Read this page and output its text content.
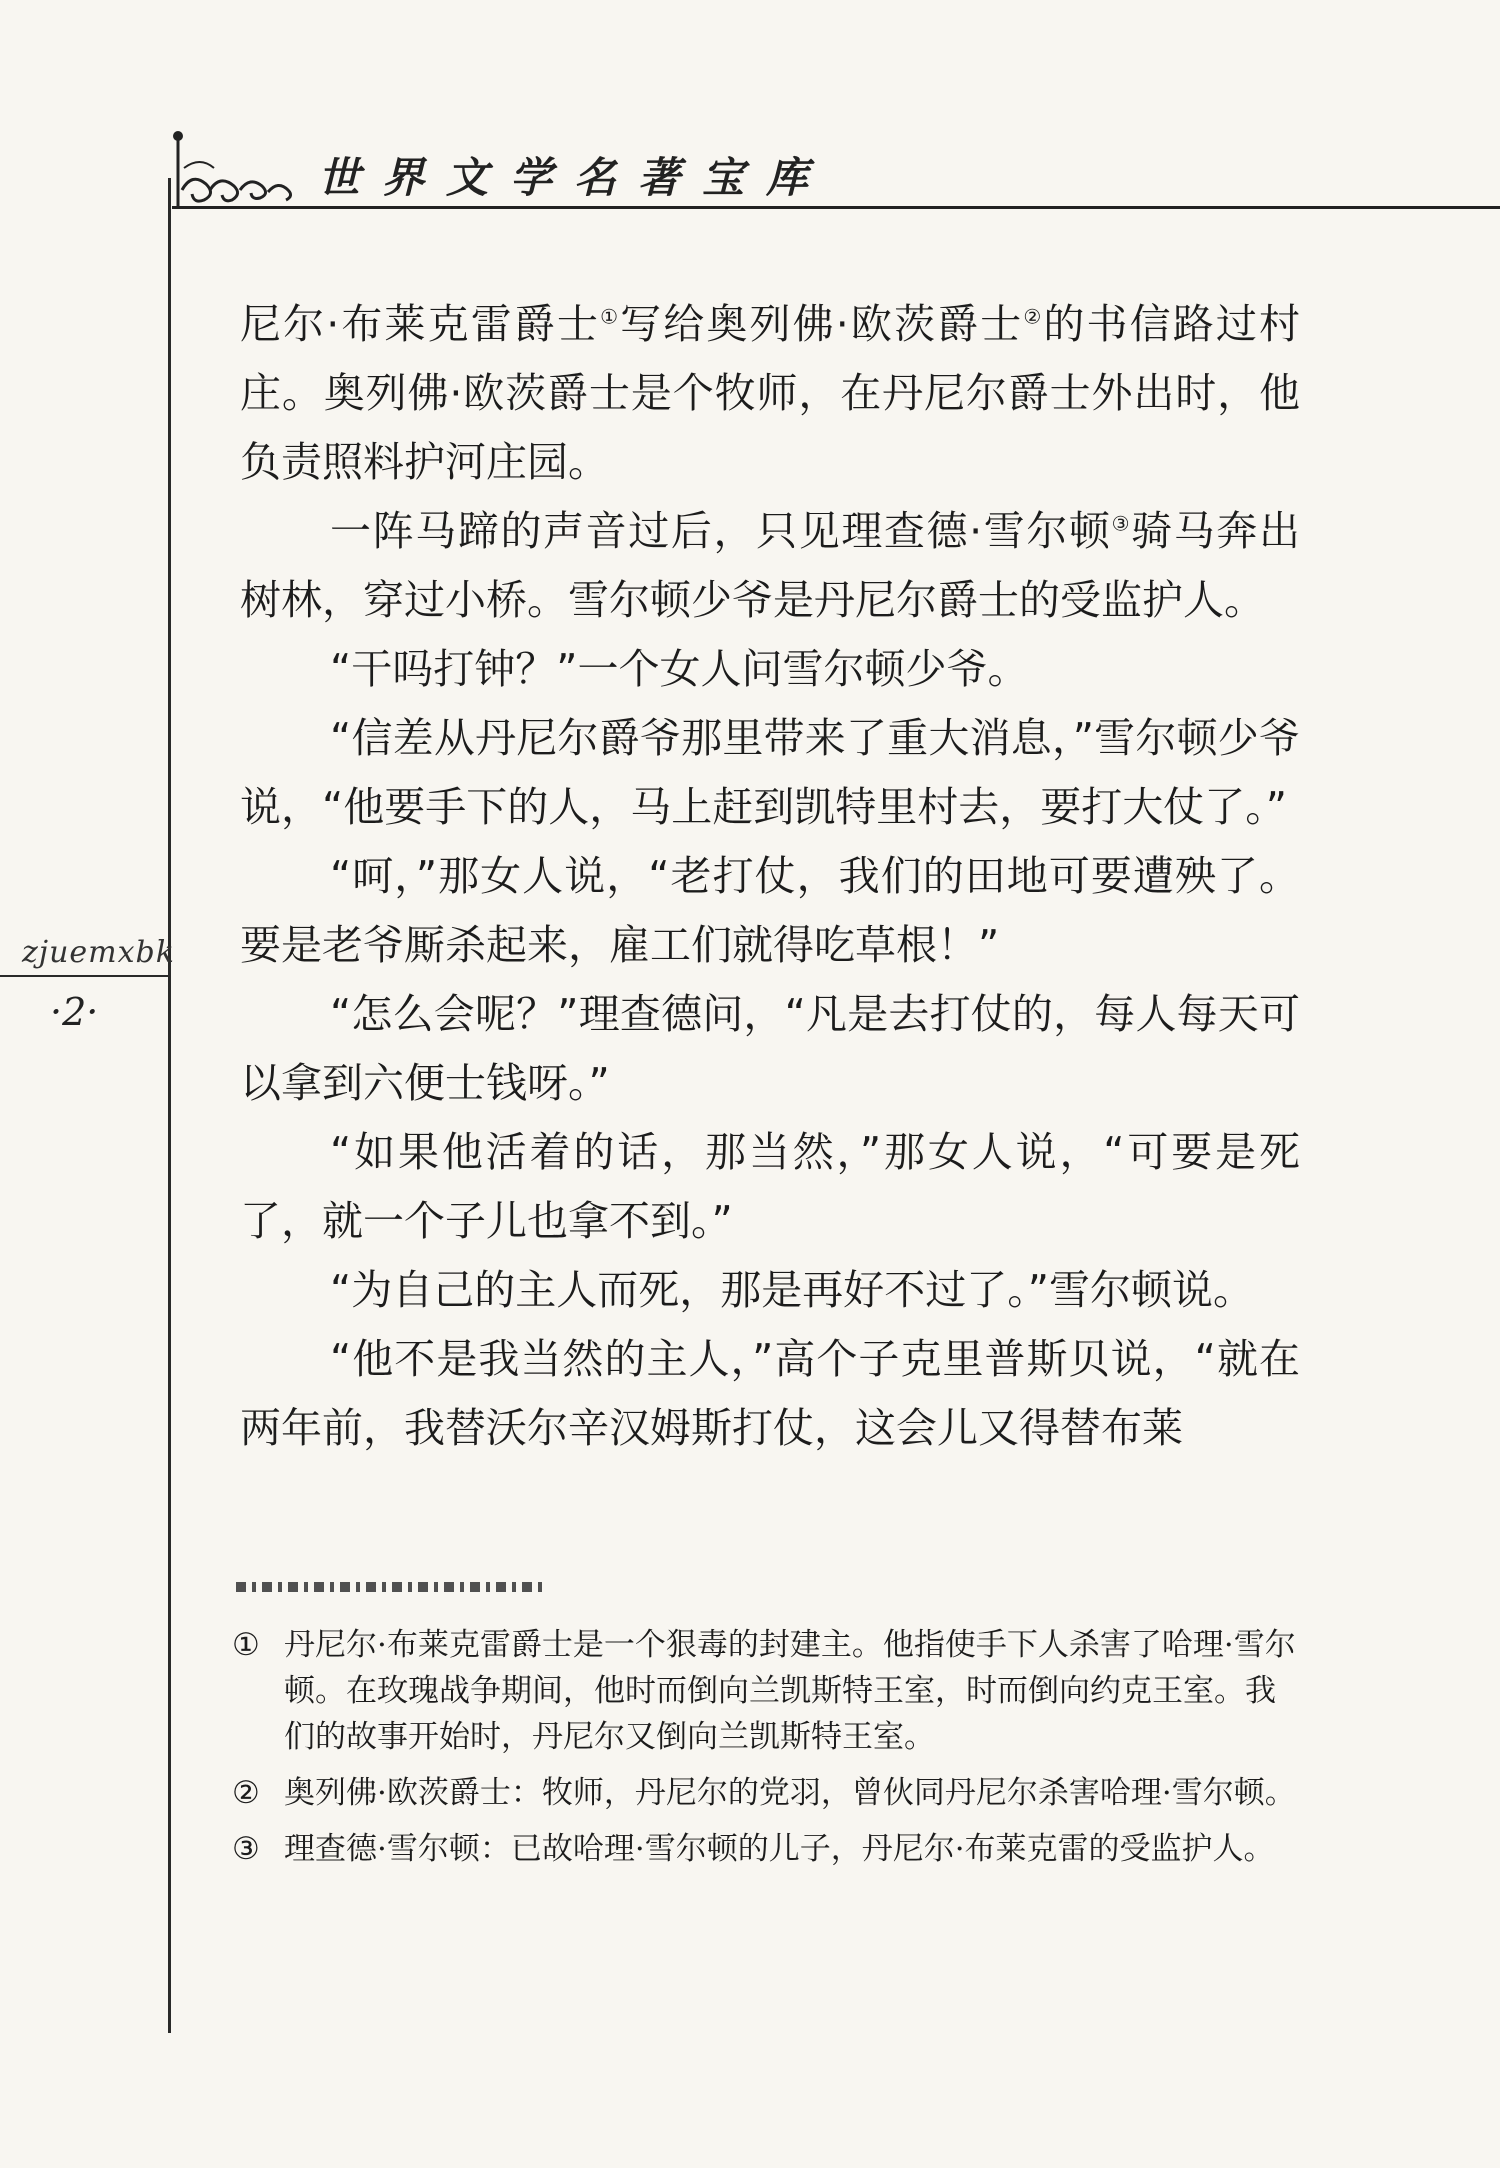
世界文学名著宝库
zjuemxbk
·2·

尼尔·布莱克雷爵士①写给奥列佛·欧茨爵士②的书信路过村庄。奥列佛·欧茨爵士是个牧师，在丹尼尔爵士外出时，他负责照料护河庄园。

一阵马蹄的声音过后，只见理查德·雪尔顿③骑马奔出树林，穿过小桥。雪尔顿少爷是丹尼尔爵士的受监护人。

“干吗打钟？”一个女人问雪尔顿少爷。

“信差从丹尼尔爵爷那里带来了重大消息，”雪尔顿少爷说，“他要手下的人，马上赶到凯特里村去，要打大仗了。”

“呵，”那女人说，“老打仗，我们的田地可要遭殃了。要是老爷厮杀起来，雇工们就得吃草根！”

“怎么会呢？”理查德问，“凡是去打仗的，每人每天可以拿到六便士钱呀。”

“如果他活着的话，那当然，”那女人说，“可要是死了，就一个子儿也拿不到。”

“为自己的主人而死，那是再好不过了。”雪尔顿说。

“他不是我当然的主人，”高个子克里普斯贝说，“就在两年前，我替沃尔辛汉姆斯打仗，这会儿又得替布莱

① 丹尼尔·布莱克雷爵士是一个狠毒的封建主。他指使手下人杀害了哈理·雪尔顿。在玫瑰战争期间，他时而倒向兰凯斯特王室，时而倒向约克王室。我们的故事开始时，丹尼尔又倒向兰凯斯特王室。
② 奥列佛·欧茨爵士：牧师，丹尼尔的党羽，曾伙同丹尼尔杀害哈理·雪尔顿。
③ 理查德·雪尔顿：已故哈理·雪尔顿的儿子，丹尼尔·布莱克雷的受监护人。
